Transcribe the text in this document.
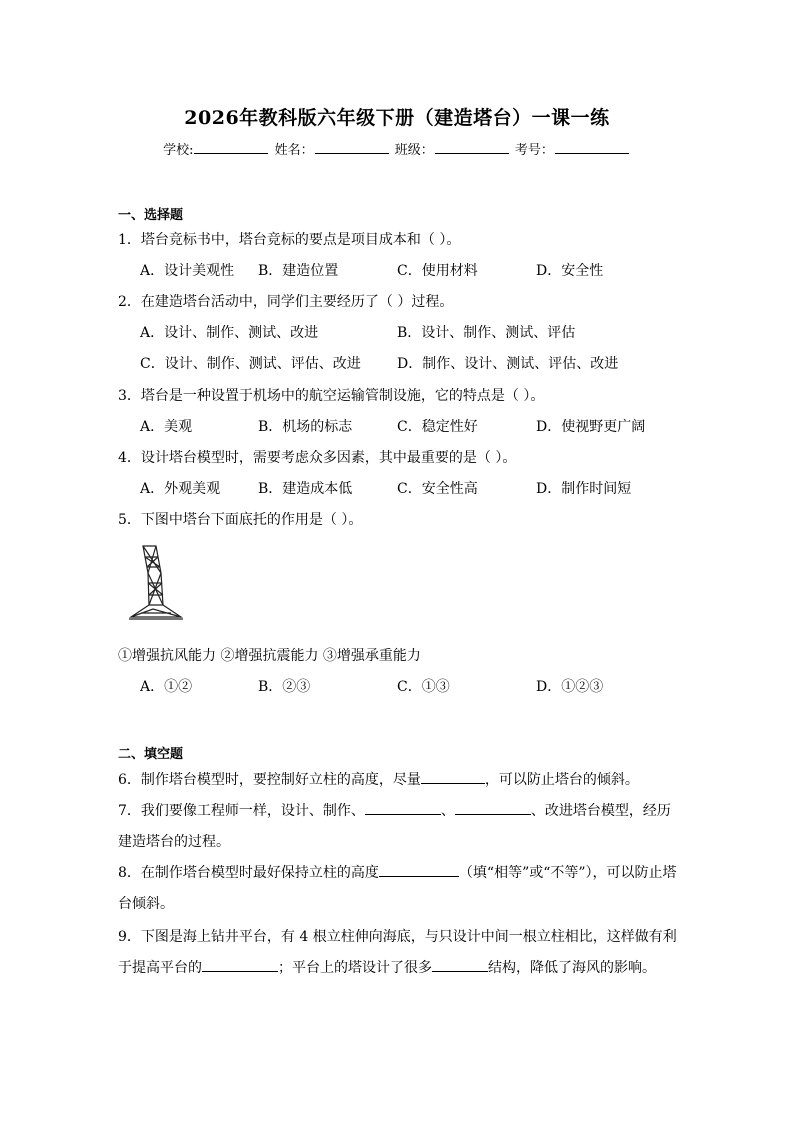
2026年教科版六年级下册（建造塔台）一课一练
学校:	姓名：	班级：	考号：
一、选择题
1．塔台竞标书中，塔台竞标的要点是项目成本和（ ）。
A．设计美观性 B．建造位置	C．使用材料	D．安全性
2．在建造塔台活动中，同学们主要经历了（ ）过程。
A．设计、制作、测试、改进	B．设计、制作、测试、评估
C．设计、制作、测试、评估、改进	D．制作、设计、测试、评估、改进
3．塔台是一种设置于机场中的航空运输管制设施，它的特点是（ ）。
A．美观	B．机场的标志	C．稳定性好	D．使视野更广阔
4．设计塔台模型时，需要考虑众多因素，其中最重要的是（ ）。
A．外观美观	B．建造成本低	C．安全性高	D．制作时间短
5．下图中塔台下面底托的作用是（ ）。
①增强抗风能力 ②增强抗震能力 ③增强承重能力
A．①②	B．②③	C．①③	D．①②③
二、填空题
6．制作塔台模型时，要控制好立柱的高度，尽量	，可以防止塔台的倾斜。
7．我们要像工程师一样，设计、制作、	、	、改进塔台模型，经历
建造塔台的过程。
8．在制作塔台模型时最好保持立柱的高度	（填“相等”或“不等”），可以防止塔
台倾斜。
9．下图是海上钻井平台，有 4 根立柱伸向海底，与只设计中间一根立柱相比，这样做有利
于提高平台的	；平台上的塔设计了很多	结构，降低了海风的影响。
